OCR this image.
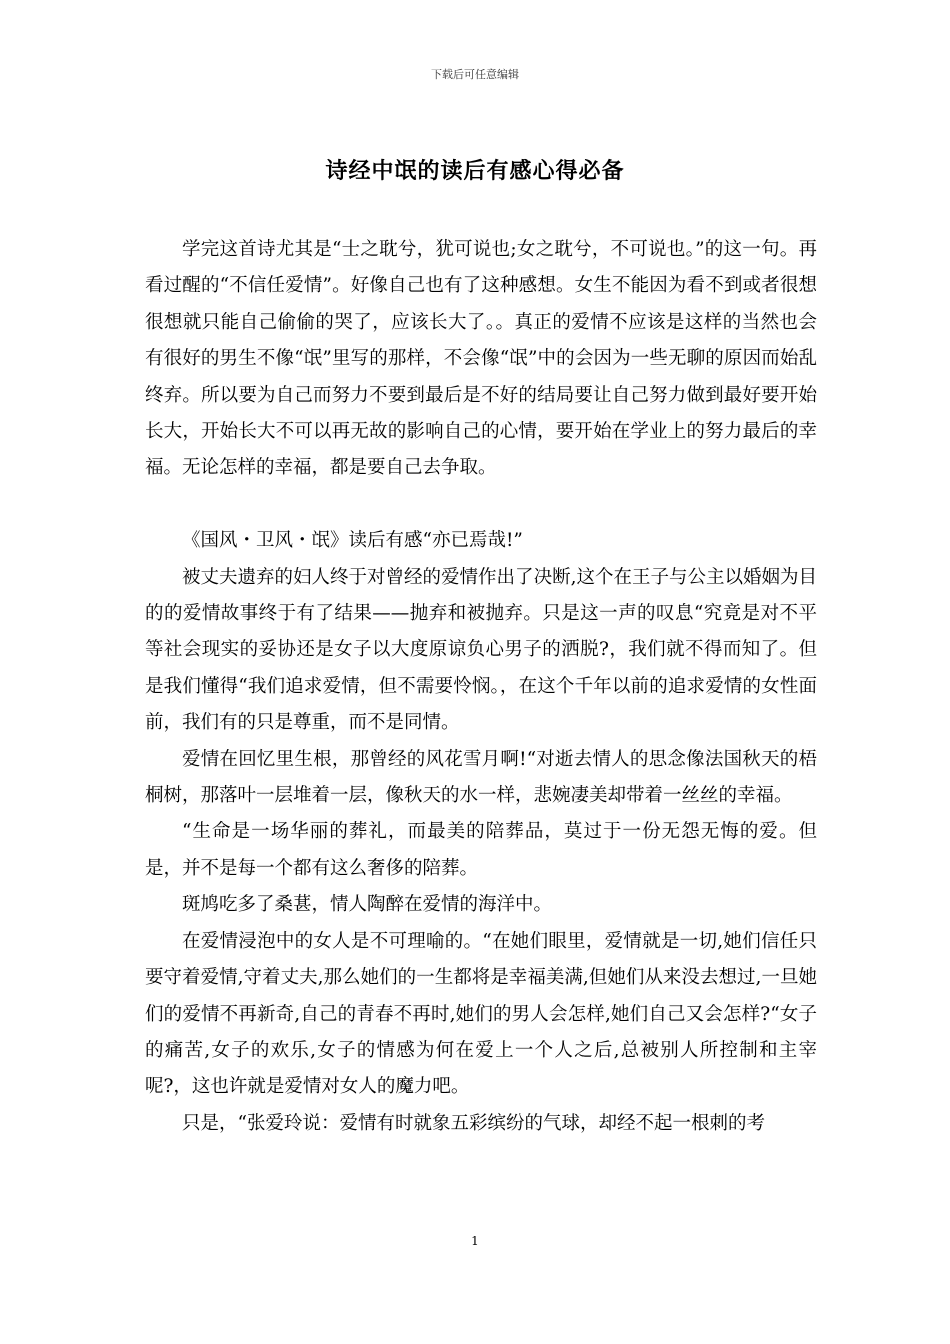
下载后可任意编辑
诗经中氓的读后有感心得必备

学完这首诗尤其是“士之耽兮，犹可说也;女之耽兮，不可说也。”的这一句。再看过醒的“不信任爱情”。好像自己也有了这种感想。女生不能因为看不到或者很想很想就只能自己偷偷的哭了，应该长大了。。真正的爱情不应该是这样的当然也会有很好的男生不像“氓”里写的那样，不会像“氓”中的会因为一些无聊的原因而始乱终弃。所以要为自己而努力不要到最后是不好的结局要让自己努力做到最好要开始长大，开始长大不可以再无故的影响自己的心情，要开始在学业上的努力最后的幸福。无论怎样的幸福，都是要自己去争取。

《国风・卫风・氓》读后有感“亦已焉哉!”

被丈夫遗弃的妇人终于对曾经的爱情作出了决断,这个在王子与公主以婚姻为目的的爱情故事终于有了结果——抛弃和被抛弃。只是这一声的叹息“究竟是对不平等社会现实的妥协还是女子以大度原谅负心男子的洒脱?，我们就不得而知了。但是我们懂得“我们追求爱情，但不需要怜悯。，在这个千年以前的追求爱情的女性面前，我们有的只是尊重，而不是同情。

爱情在回忆里生根，那曾经的风花雪月啊!“对逝去情人的思念像法国秋天的梧桐树，那落叶一层堆着一层，像秋天的水一样，悲婉凄美却带着一丝丝的幸福。

“生命是一场华丽的葬礼，而最美的陪葬品，莫过于一份无怨无悔的爱。但是，并不是每一个都有这么奢侈的陪葬。

斑鸠吃多了桑葚，情人陶醉在爱情的海洋中。

在爱情浸泡中的女人是不可理喻的。“在她们眼里，爱情就是一切,她们信任只要守着爱情,守着丈夫,那么她们的一生都将是幸福美满,但她们从来没去想过,一旦她们的爱情不再新奇,自己的青春不再时,她们的男人会怎样,她们自己又会怎样?“女子的痛苦,女子的欢乐,女子的情感为何在爱上一个人之后,总被别人所控制和主宰呢?，这也许就是爱情对女人的魔力吧。

只是，“张爱玲说：爱情有时就象五彩缤纷的气球，却经不起一根刺的考

1
